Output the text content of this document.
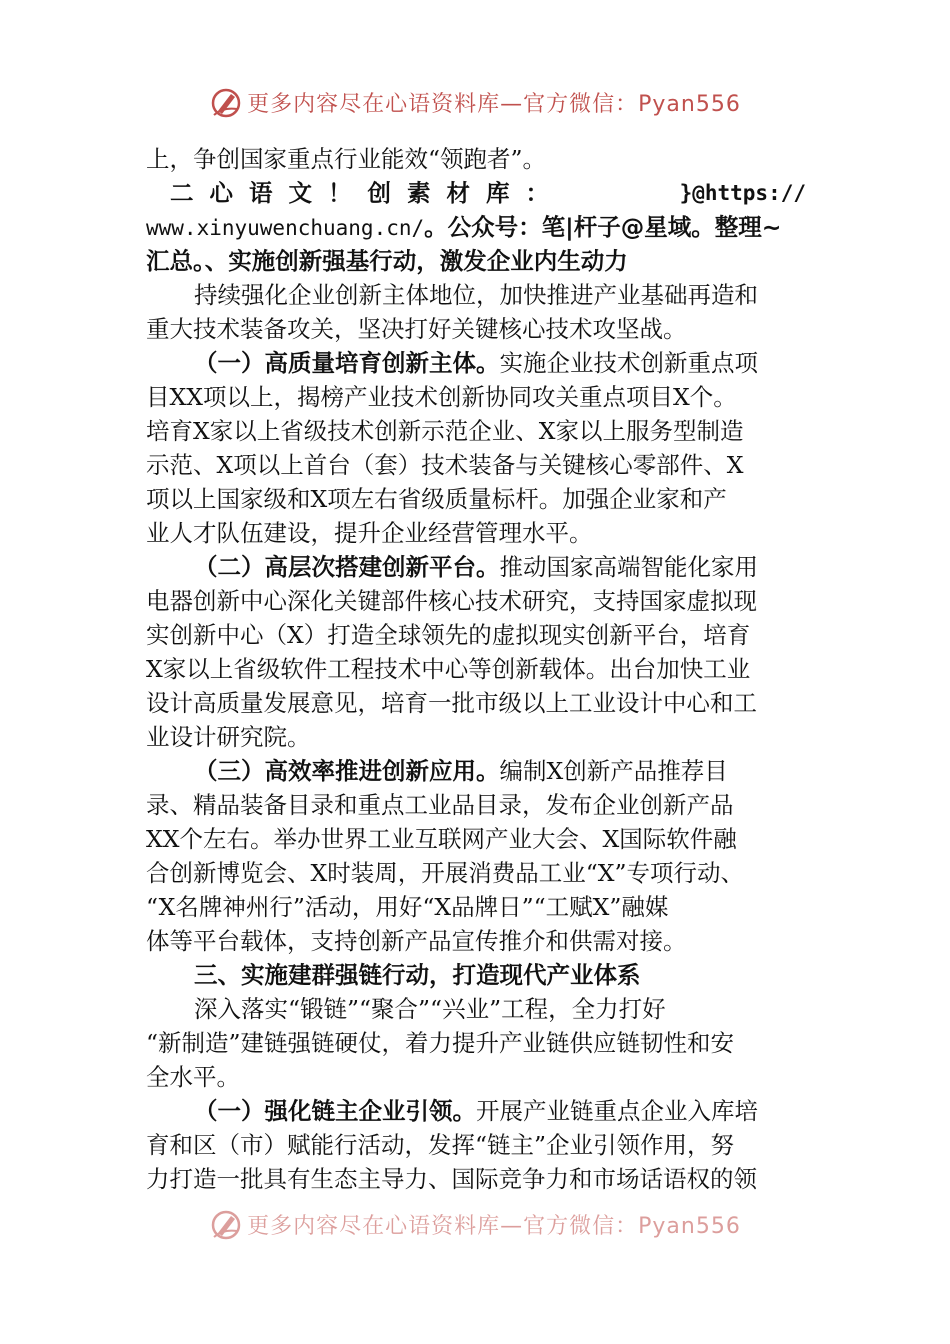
更多内容尽在心语资料库—官方微信：Pyan556
上，争创国家重点行业能效“领跑者”。
二心语文！创素材库：	}@https://
www.xinyuwenchuang.cn/。公众号：笔|杆子@星域。整理~
汇总。、实施创新强基行动，激发企业内生动力
持续强化企业创新主体地位，加快推进产业基础再造和
重大技术装备攻关，坚决打好关键核心技术攻坚战。
（一）高质量培育创新主体。实施企业技术创新重点项
目XX项以上，揭榜产业技术创新协同攻关重点项目X个。
培育X家以上省级技术创新示范企业、X家以上服务型制造
示范、X项以上首台（套）技术装备与关键核心零部件、X
项以上国家级和X项左右省级质量标杆。加强企业家和产
业人才队伍建设，提升企业经营管理水平。
（二）高层次搭建创新平台。推动国家高端智能化家用
电器创新中心深化关键部件核心技术研究，支持国家虚拟现
实创新中心（X）打造全球领先的虚拟现实创新平台，培育
X家以上省级软件工程技术中心等创新载体。出台加快工业
设计高质量发展意见，培育一批市级以上工业设计中心和工
业设计研究院。
（三）高效率推进创新应用。编制X创新产品推荐目
录、精品装备目录和重点工业品目录，发布企业创新产品
XX个左右。举办世界工业互联网产业大会、X国际软件融
合创新博览会、X时装周，开展消费品工业“X”专项行动、
“X名牌神州行”活动，用好“X品牌日”“工赋X”融媒
体等平台载体，支持创新产品宣传推介和供需对接。
三、实施建群强链行动，打造现代产业体系
深入落实“锻链”“聚合”“兴业”工程，全力打好
“新制造”建链强链硬仗，着力提升产业链供应链韧性和安
全水平。
（一）强化链主企业引领。开展产业链重点企业入库培
育和区（市）赋能行活动，发挥“链主”企业引领作用，努
力打造一批具有生态主导力、国际竞争力和市场话语权的领
更多内容尽在心语资料库—官方微信：Pyan556
